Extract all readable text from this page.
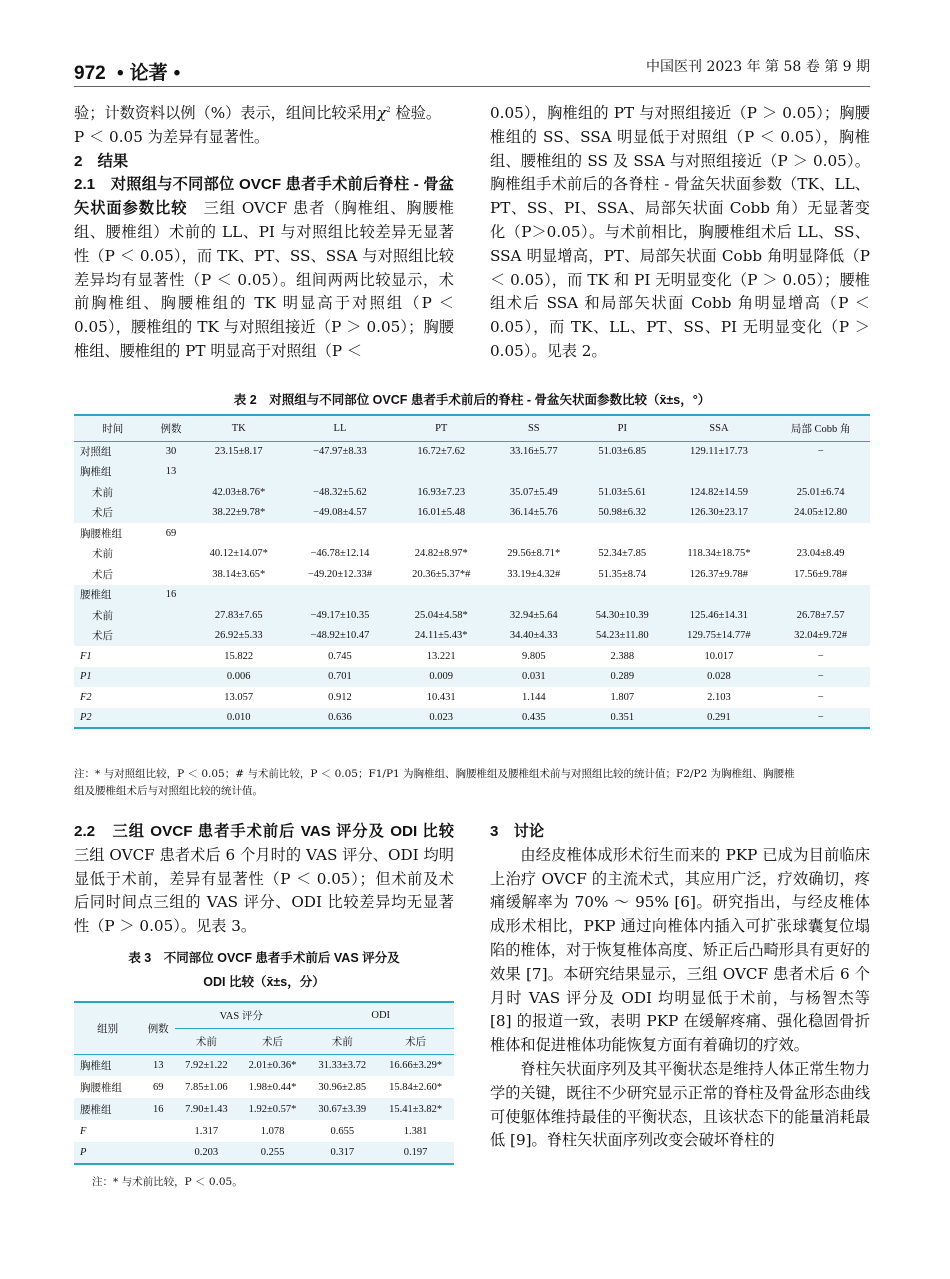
972 • 论著 •	中国医刊 2023 年 第 58 卷 第 9 期

验；计数资料以例（%）表示，组间比较采用$\chi^2$ 检验。

P ＜ 0.05 为差异有显著性。

2　结果

2.1　对照组与不同部位 OVCF 患者手术前后脊柱 - 骨盆矢状面参数比较　 三组 OVCF 患者（胸椎组、胸腰椎组、腰椎组）术前的 LL、PI 与对照组比较差异无显著性（P ＜ 0.05），而 TK、PT、SS、SSA 与对照组比较差异均有显著性（P ＜ 0.05）。组间两两比较显示，术前胸椎组、胸腰椎组的 TK 明显高于对照组（P ＜ 0.05），腰椎组的 TK 与对照组接近（P ＞ 0.05）；胸腰椎组、腰椎组的 PT 明显高于对照组（P ＜

0.05），胸椎组的 PT 与对照组接近（P ＞ 0.05）；胸腰椎组的 SS、SSA 明显低于对照组（P ＜ 0.05），胸椎组、腰椎组的 SS 及 SSA 与对照组接近（P ＞ 0.05）。胸椎组手术前后的各脊柱 - 骨盆矢状面参数（TK、LL、PT、SS、PI、SSA、局部矢状面 Cobb 角）无显著变化（P＞0.05）。与术前相比，胸腰椎组术后 LL、SS、SSA 明显增高，PT、局部矢状面 Cobb 角明显降低（P ＜ 0.05），而 TK 和 PI 无明显变化（P ＞ 0.05）；腰椎组术后 SSA 和局部矢状面 Cobb 角明显增高（P ＜ 0.05），而 TK、LL、PT、SS、PI 无明显变化（P ＞ 0.05）。见表 2。

表 2　对照组与不同部位 OVCF 患者手术前后的脊柱 - 骨盆矢状面参数比较（x̄±s，°）
时间	例数	TK	LL	PT	SS	PI	SSA	局部 Cobb 角
对照组	30	23.15±8.17	−47.97±8.33	16.72±7.62	33.16±5.77	51.03±6.85	129.11±17.73	−
胸椎组	13							
术前		42.03±8.76*	−48.32±5.62	16.93±7.23	35.07±5.49	51.03±5.61	124.82±14.59	25.01±6.74
术后		38.22±9.78*	−49.08±4.57	16.01±5.48	36.14±5.76	50.98±6.32	126.30±23.17	24.05±12.80
胸腰椎组	69							
术前		40.12±14.07*	−46.78±12.14	24.82±8.97*	29.56±8.71*	52.34±7.85	118.34±18.75*	23.04±8.49
术后		38.14±3.65*	−49.20±12.33#	20.36±5.37*#	33.19±4.32#	51.35±8.74	126.37±9.78#	17.56±9.78#
腰椎组	16							
术前		27.83±7.65	−49.17±10.35	25.04±4.58*	32.94±5.64	54.30±10.39	125.46±14.31	26.78±7.57
术后		26.92±5.33	−48.92±10.47	24.11±5.43*	34.40±4.33	54.23±11.80	129.75±14.77#	32.04±9.72#
F1		15.822	0.745	13.221	9.805	2.388	10.017	−
P1		0.006	0.701	0.009	0.031	0.289	0.028	−
F2		13.057	0.912	10.431	1.144	1.807	2.103	−
P2		0.010	0.636	0.023	0.435	0.351	0.291	−
注：* 与对照组比较，P ＜ 0.05；# 与术前比较，P ＜ 0.05；F1/P1 为胸椎组、胸腰椎组及腰椎组术前与对照组比较的统计值；F2/P2 为胸椎组、胸腰椎
组及腰椎组术后与对照组比较的统计值。

2.2　三组 OVCF 患者手术前后 VAS 评分及 ODI 比较　三组 OVCF 患者术后 6 个月时的 VAS 评分、ODI 均明显低于术前，差异有显著性（P ＜ 0.05）；但术前及术后同时间点三组的 VAS 评分、ODI 比较差异均无显著性（P ＞ 0.05）。见表 3。

表 3　不同部位 OVCF 患者手术前后 VAS 评分及
ODI 比较（x̄±s，分）
组别	例数	VAS 评分		ODI	
		术前	术后	术前	术后
胸椎组	13	7.92±1.22	2.01±0.36*	31.33±3.72	16.66±3.29*
胸腰椎组	69	7.85±1.06	1.98±0.44*	30.96±2.85	15.84±2.60*
腰椎组	16	7.90±1.43	1.92±0.57*	30.67±3.39	15.41±3.82*
F		1.317	1.078	0.655	1.381
P		0.203	0.255	0.317	0.197
注：* 与术前比较，P ＜ 0.05。

3　讨论

由经皮椎体成形术衍生而来的 PKP 已成为目前临床上治疗 OVCF 的主流术式，其应用广泛，疗效确切，疼痛缓解率为 70% ～ 95% [6]。研究指出，与经皮椎体成形术相比，PKP 通过向椎体内插入可扩张球囊复位塌陷的椎体，对于恢复椎体高度、矫正后凸畸形具有更好的效果 [7]。本研究结果显示，三组 OVCF 患者术后 6 个月时 VAS 评分及 ODI 均明显低于术前，与杨智杰等 [8] 的报道一致，表明 PKP 在缓解疼痛、强化稳固骨折椎体和促进椎体功能恢复方面有着确切的疗效。

脊柱矢状面序列及其平衡状态是维持人体正常生物力学的关键，既往不少研究显示正常的脊柱及骨盆形态曲线可使躯体维持最佳的平衡状态，且该状态下的能量消耗最低 [9]。脊柱矢状面序列改变会破坏脊柱的
